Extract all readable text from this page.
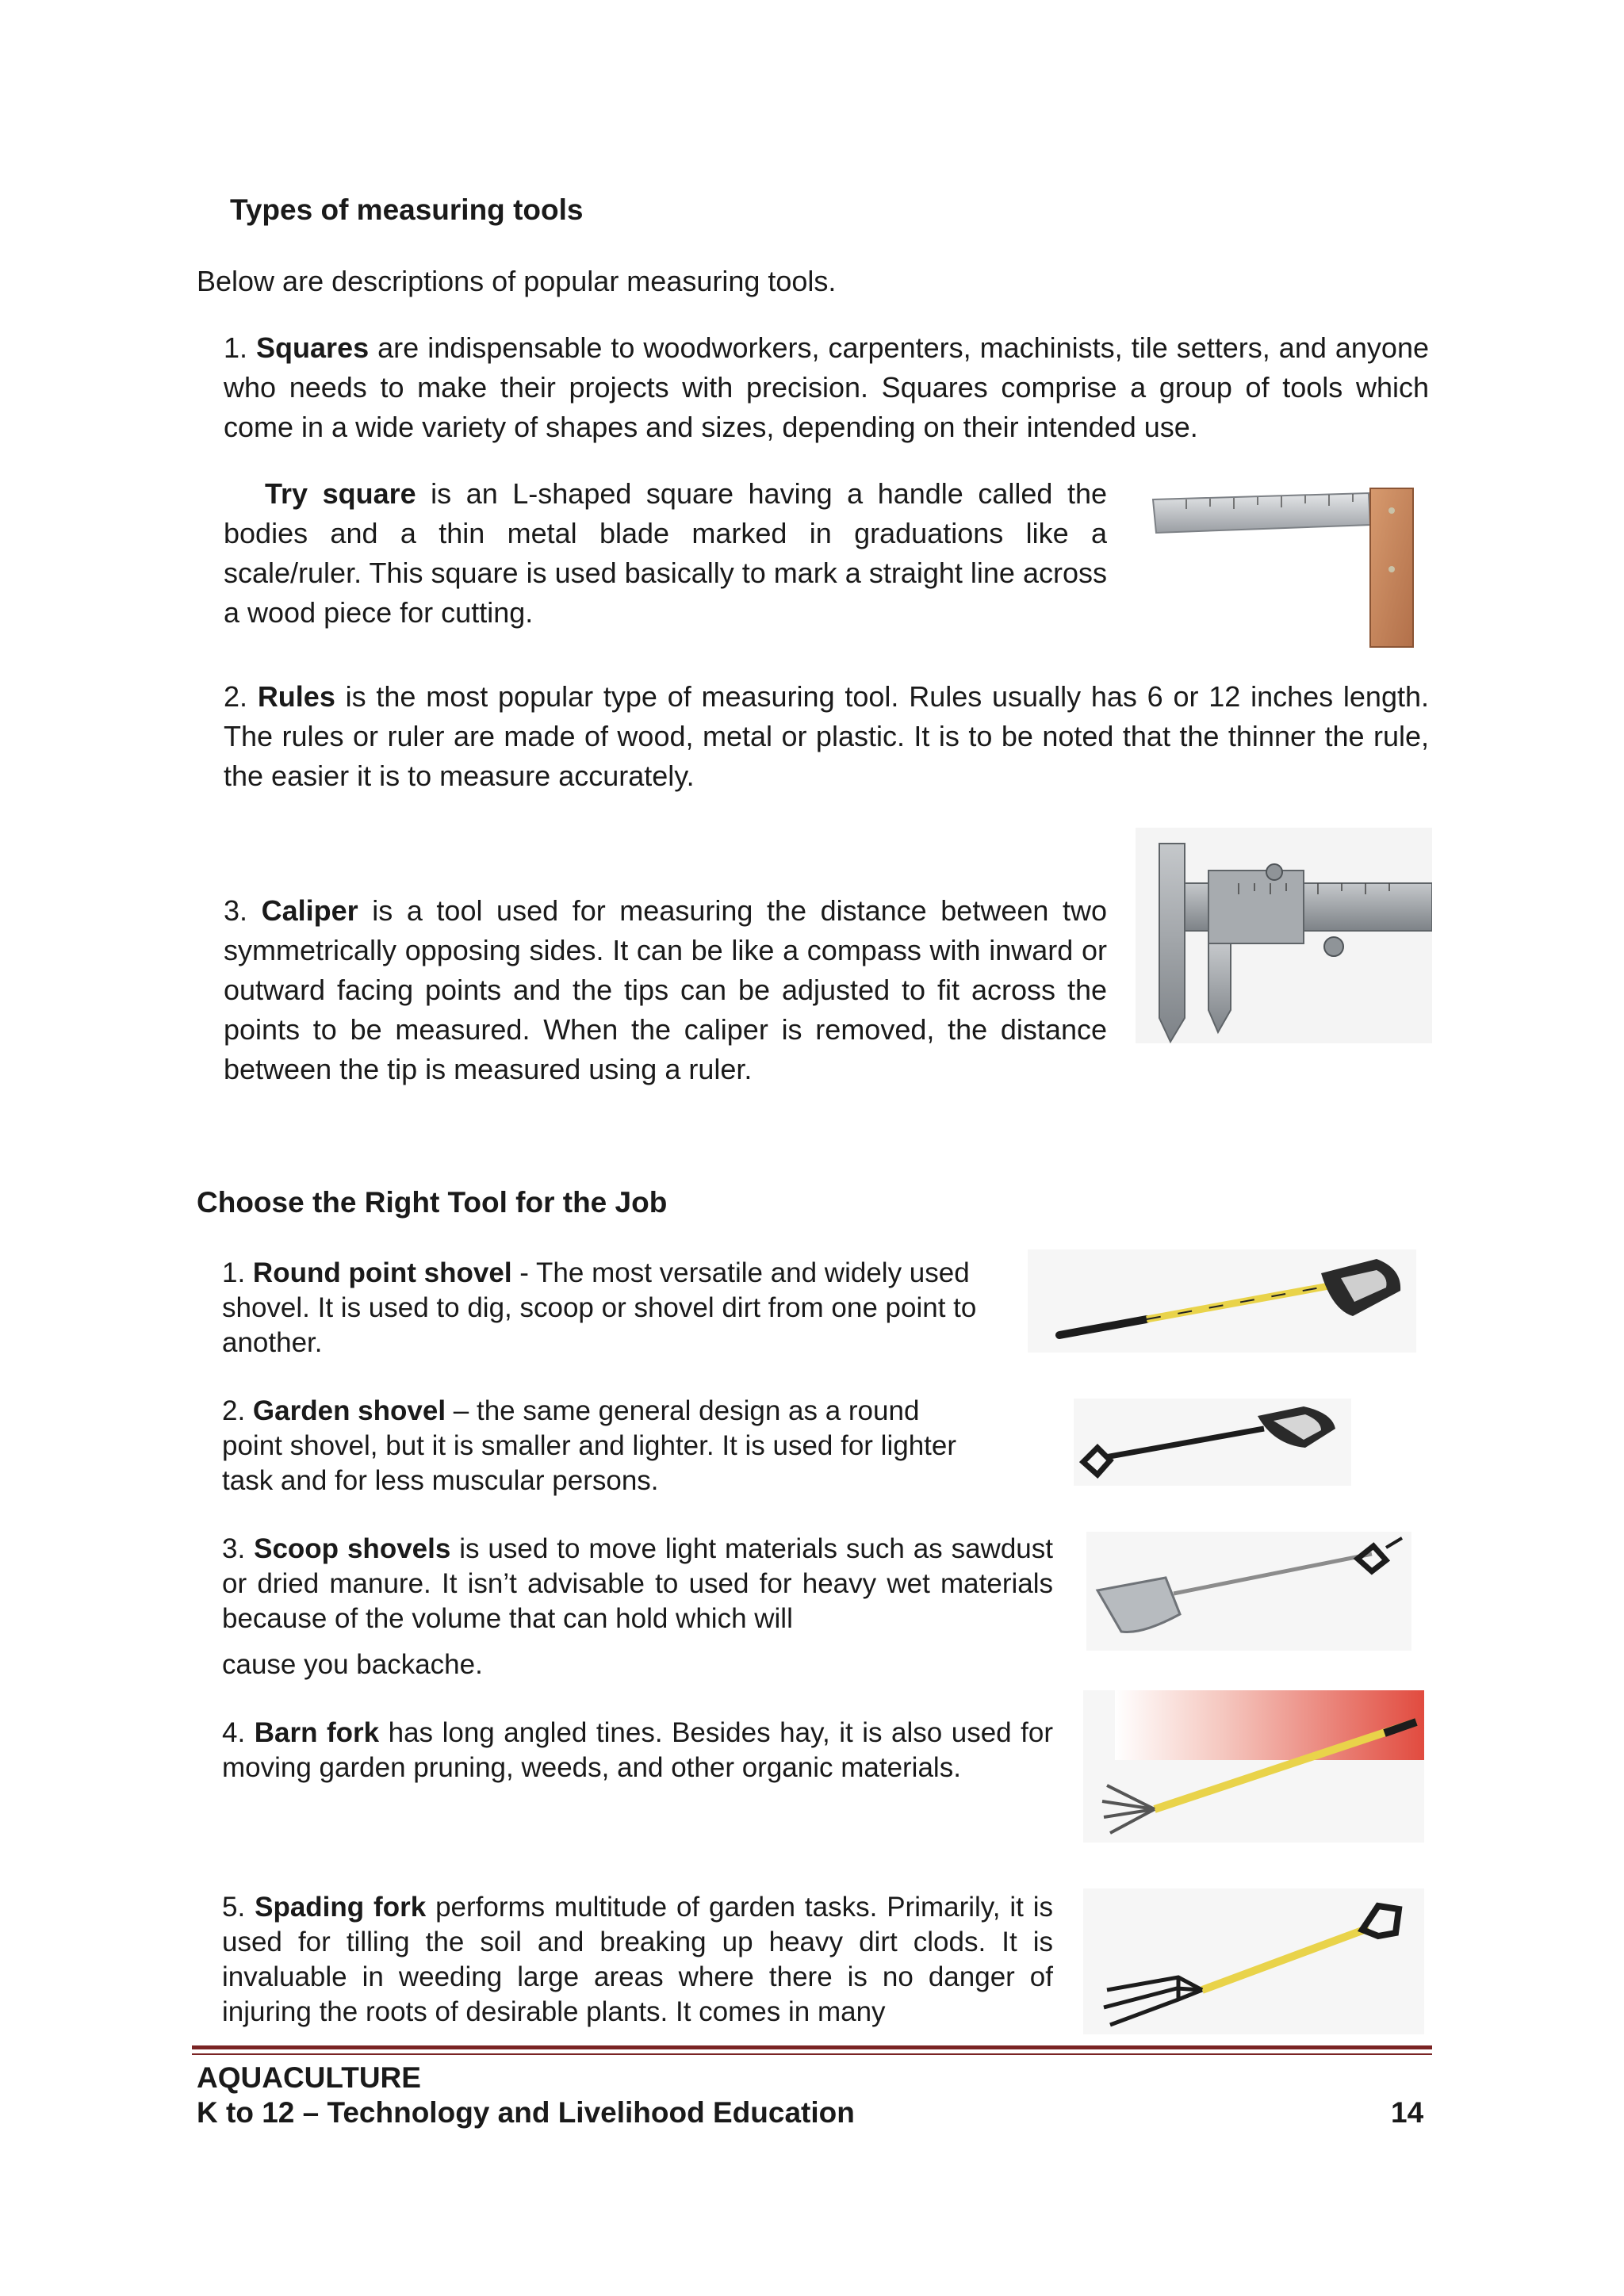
Types of measuring tools
Below are descriptions of popular measuring tools.
1. Squares are indispensable to woodworkers, carpenters, machinists, tile setters, and anyone who needs to make their projects with precision. Squares comprise a group of tools which come in a wide variety of shapes and sizes, depending on their intended use.
Try square is an L-shaped square having a handle called the bodies and a thin metal blade marked in graduations like a scale/ruler. This square is used basically to mark a straight line across a wood piece for cutting.
2. Rules is the most popular type of measuring tool. Rules usually has 6 or 12 inches length. The rules or ruler are made of wood, metal or plastic. It is to be noted that the thinner the rule, the easier it is to measure accurately.
3. Caliper is a tool used for measuring the distance between two symmetrically opposing sides. It can be like a compass with inward or outward facing points and the tips can be adjusted to fit across the points to be measured. When the caliper is removed, the distance between the tip is measured using a ruler.
Choose the Right Tool for the Job
1. Round point shovel - The most versatile and widely used shovel. It is used to dig, scoop or shovel dirt from one point to another.
2. Garden shovel – the same general design as a round point shovel, but it is smaller and lighter. It is used for lighter task and for less muscular persons.
3. Scoop shovels is used to move light materials such as sawdust or dried manure. It isn’t advisable to used for heavy wet materials because of the volume that can hold which will
cause you backache.
4. Barn fork has long angled tines. Besides hay, it is also used for moving garden pruning, weeds, and other organic materials.
5. Spading fork performs multitude of garden tasks. Primarily, it is used for tilling the soil and breaking up heavy dirt clods. It is invaluable in weeding large areas where there is no danger of injuring the roots of desirable plants. It comes in many
AQUACULTURE
K to 12 – Technology and Livelihood Education	14
